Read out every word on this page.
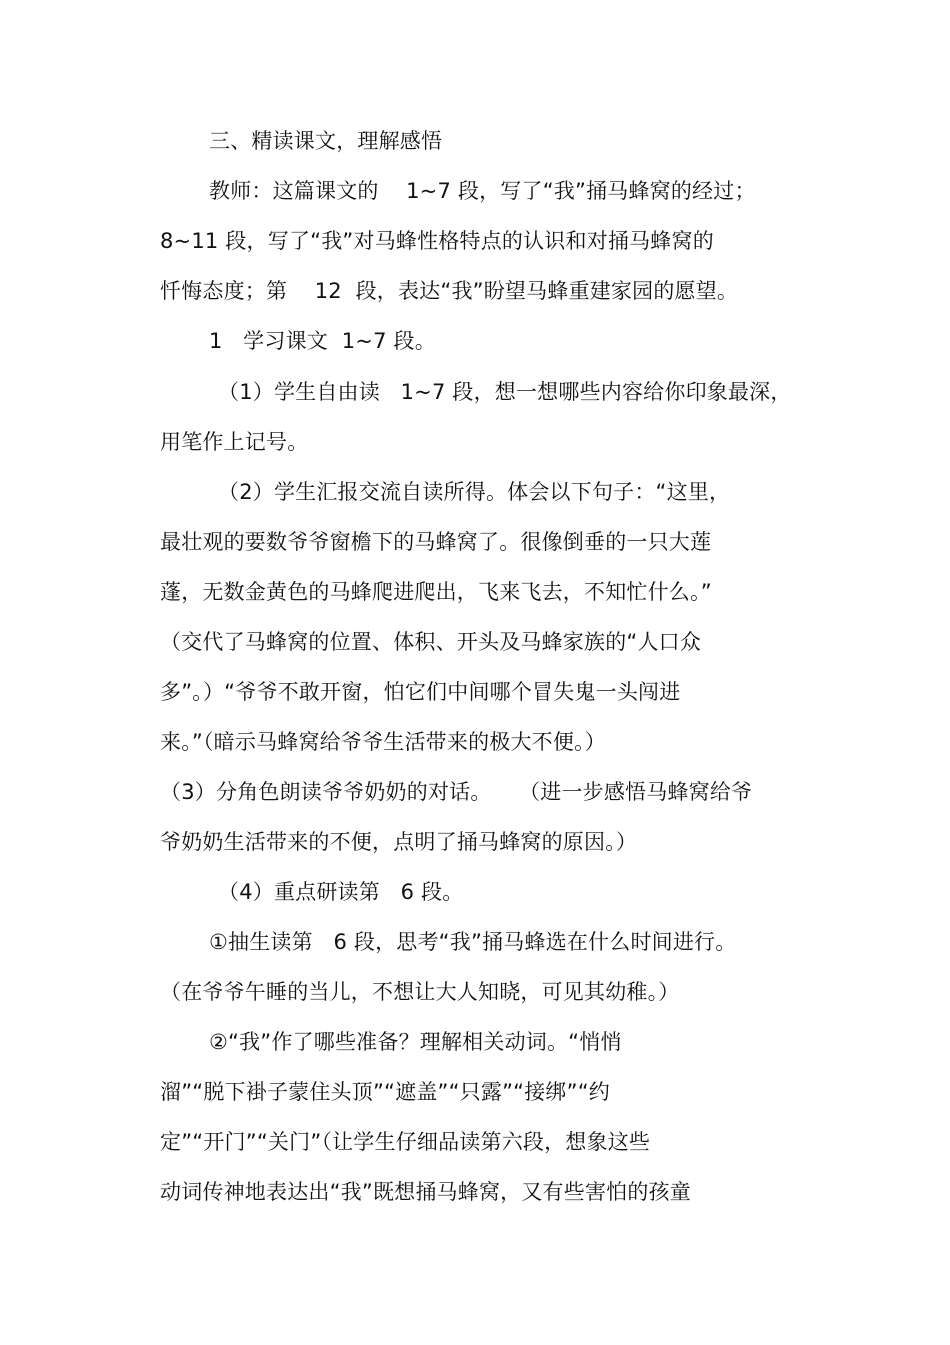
三、精读课文，理解感悟
教师：这篇课文的    1~7 段，写了“我”捅马蜂窝的经过；
8~11 段，写了“我”对马蜂性格特点的认识和对捅马蜂窝的
忏悔态度；第    12  段，表达“我”盼望马蜂重建家园的愿望。
1   学习课文  1~7 段。
（1）学生自由读   1~7 段，想一想哪些内容给你印象最深，
用笔作上记号。
（2）学生汇报交流自读所得。体会以下句子：“这里，
最壮观的要数爷爷窗檐下的马蜂窝了。很像倒垂的一只大莲
蓬，无数金黄色的马蜂爬进爬出，飞来飞去，不知忙什么。”
（交代了马蜂窝的位置、体积、开头及马蜂家族的“人口众
多”。）“爷爷不敢开窗，怕它们中间哪个冒失鬼一头闯进
来。”（暗示马蜂窝给爷爷生活带来的极大不便。）
（3）分角色朗读爷爷奶奶的对话。    （进一步感悟马蜂窝给爷
爷奶奶生活带来的不便，点明了捅马蜂窝的原因。）
（4）重点研读第   6 段。
①抽生读第   6 段，思考“我”捅马蜂选在什么时间进行。
（在爷爷午睡的当儿，不想让大人知晓，可见其幼稚。）
②“我”作了哪些准备？理解相关动词。“悄悄
溜”“脱下褂子蒙住头顶”“遮盖”“只露”“接绑”“约
定”“开门”“关门”（让学生仔细品读第六段，想象这些
动词传神地表达出“我”既想捅马蜂窝，又有些害怕的孩童
